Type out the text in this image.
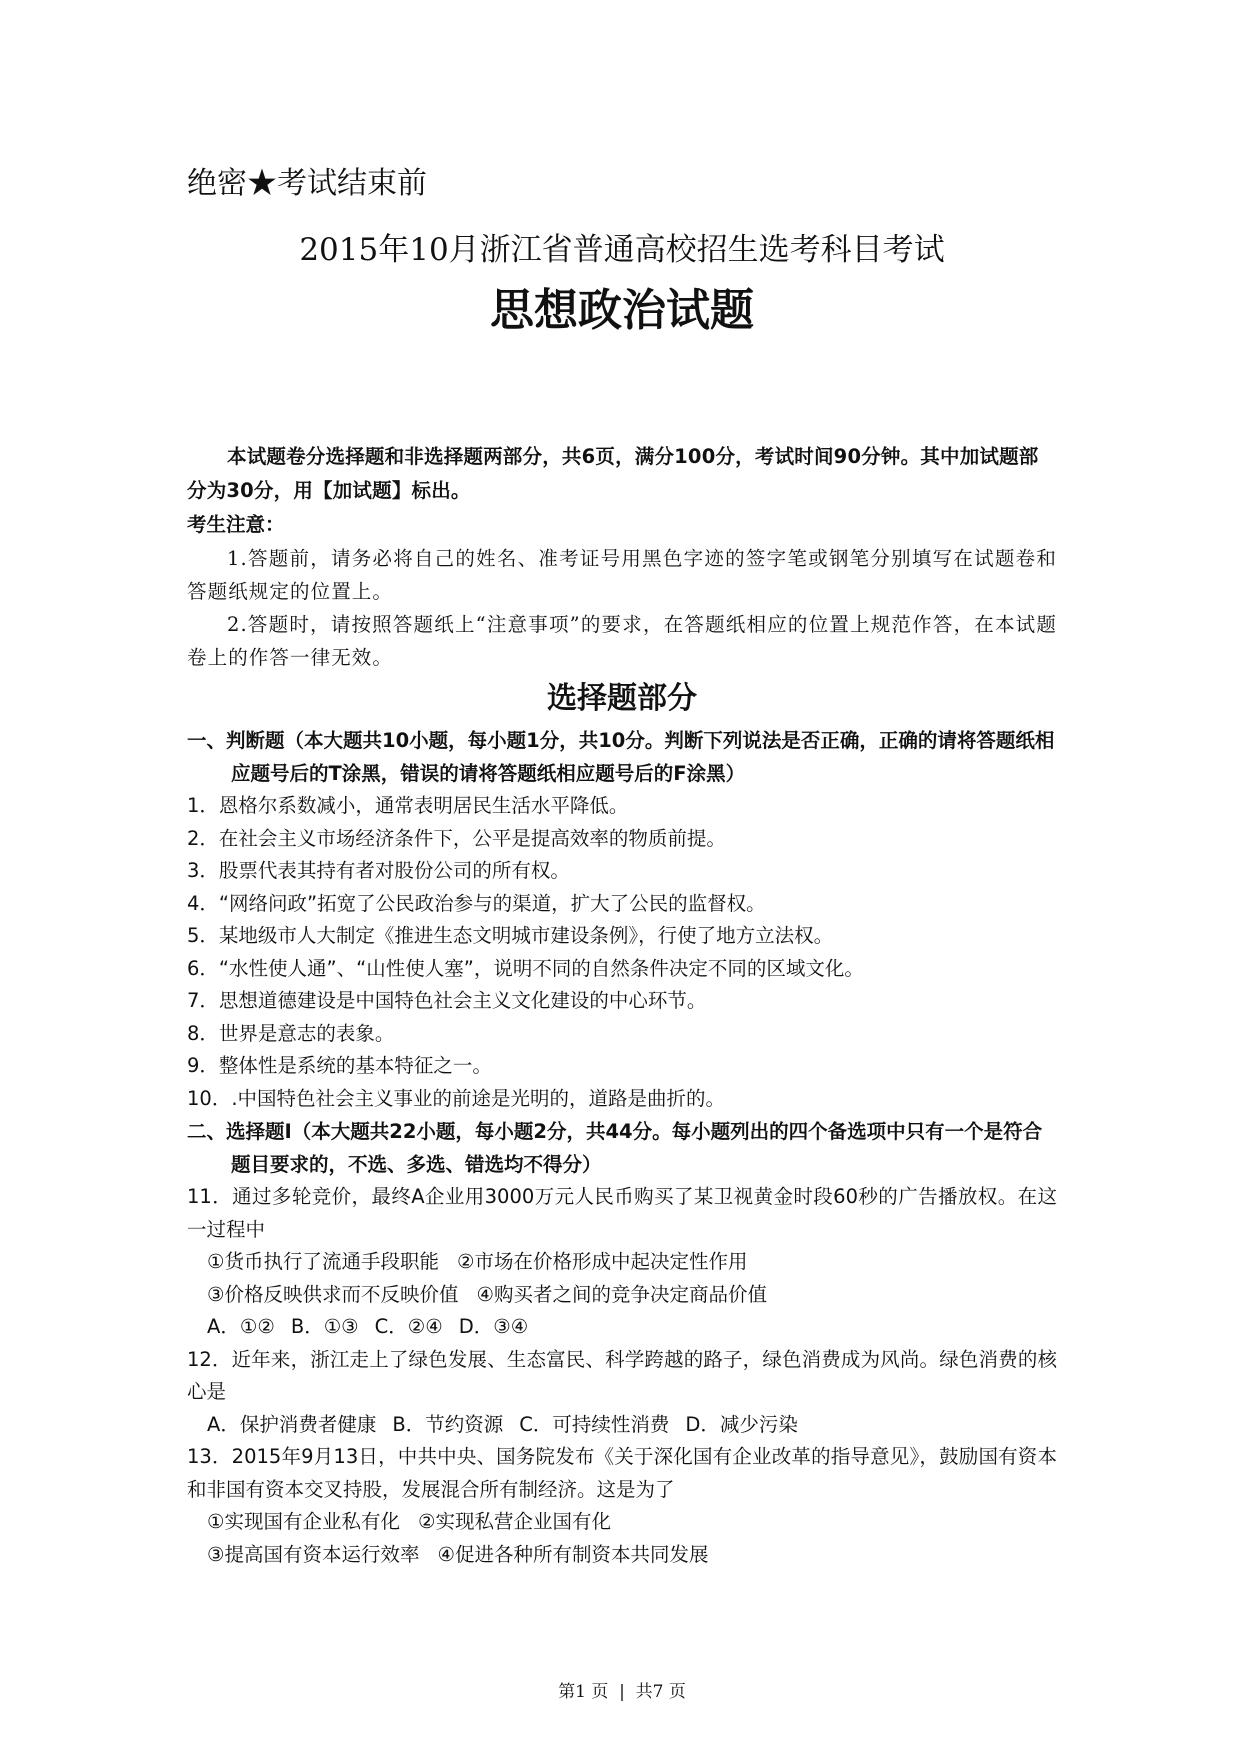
绝密★考试结束前
2015年10月浙江省普通高校招生选考科目考试
思想政治试题

本试题卷分选择题和非选择题两部分，共6页，满分100分，考试时间90分钟。其中加试题部分为30分，用【加试题】标出。

考生注意：

1.答题前，请务必将自己的姓名、准考证号用黑色字迹的签字笔或钢笔分别填写在试题卷和答题纸规定的位置上。

2.答题时，请按照答题纸上“注意事项”的要求，在答题纸相应的位置上规范作答，在本试题卷上的作答一律无效。

选择题部分

一、判断题（本大题共10小题，每小题1分，共10分。判断下列说法是否正确，正确的请将答题纸相应题号后的T涂黑，错误的请将答题纸相应题号后的F涂黑）

1．恩格尔系数减小，通常表明居民生活水平降低。

2．在社会主义市场经济条件下，公平是提高效率的物质前提。

3．股票代表其持有者对股份公司的所有权。

4．“网络问政”拓宽了公民政治参与的渠道，扩大了公民的监督权。

5．某地级市人大制定《推进生态文明城市建设条例》，行使了地方立法权。

6．“水性使人通”、“山性使人塞”，说明不同的自然条件决定不同的区域文化。

7．思想道德建设是中国特色社会主义文化建设的中心环节。

8．世界是意志的表象。

9．整体性是系统的基本特征之一。

10．.中国特色社会主义事业的前途是光明的，道路是曲折的。

二、选择题Ⅰ（本大题共22小题，每小题2分，共44分。每小题列出的四个备选项中只有一个是符合题目要求的，不选、多选、错选均不得分）

11．通过多轮竞价，最终A企业用3000万元人民币购买了某卫视黄金时段60秒的广告播放权。在这一过程中

①货币执行了流通手段职能 ②市场在价格形成中起决定性作用

③价格反映供求而不反映价值 ④购买者之间的竞争决定商品价值

A．①② B．①③ C．②④ D．③④

12．近年来，浙江走上了绿色发展、生态富民、科学跨越的路子，绿色消费成为风尚。绿色消费的核心是

A．保护消费者健康 B．节约资源 C．可持续性消费 D．减少污染

13．2015年9月13日，中共中央、国务院发布《关于深化国有企业改革的指导意见》，鼓励国有资本和非国有资本交叉持股，发展混合所有制经济。这是为了

①实现国有企业私有化 ②实现私营企业国有化

③提高国有资本运行效率 ④促进各种所有制资本共同发展

第1 页  |  共7 页
